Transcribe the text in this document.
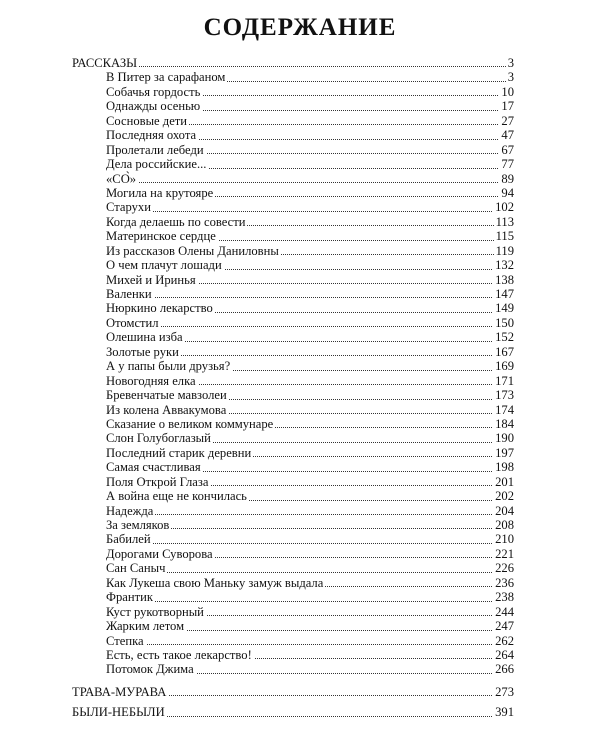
СОДЕРЖАНИЕ
РАССКАЗЫ	3
В Питер за сарафаном	3
Собачья гордость	10
Однажды осенью	17
Сосновые дети	27
Последняя охота	47
Пролетали лебеди	67
Дела российские...	77
«СО̀»	89
Могила на крутояре	94
Старухи	102
Когда делаешь по совести	113
Материнское сердце	115
Из рассказов Олены Даниловны	119
О чем плачут лошади	132
Михей и Иринья	138
Валенки	147
Нюркино лекарство	149
Отомстил	150
Олешина изба	152
Золотые руки	167
А у папы были друзья?	169
Новогодняя елка	171
Бревенчатые мавзолеи	173
Из колена Аввакумова	174
Сказание о великом коммунаре	184
Слон Голубоглазый	190
Последний старик деревни	197
Самая счастливая	198
Поля Открой Глаза	201
А война еще не кончилась	202
Надежда	204
За земляков	208
Бабилей	210
Дорогами Суворова	221
Сан Саныч	226
Как Лукеша свою Маньку замуж выдала	236
Франтик	238
Куст рукотворный	244
Жарким летом	247
Степка	262
Есть, есть такое лекарство!	264
Потомок Джима	266
ТРАВА-МУРАВА	273
БЫЛИ-НЕБЫЛИ	391
